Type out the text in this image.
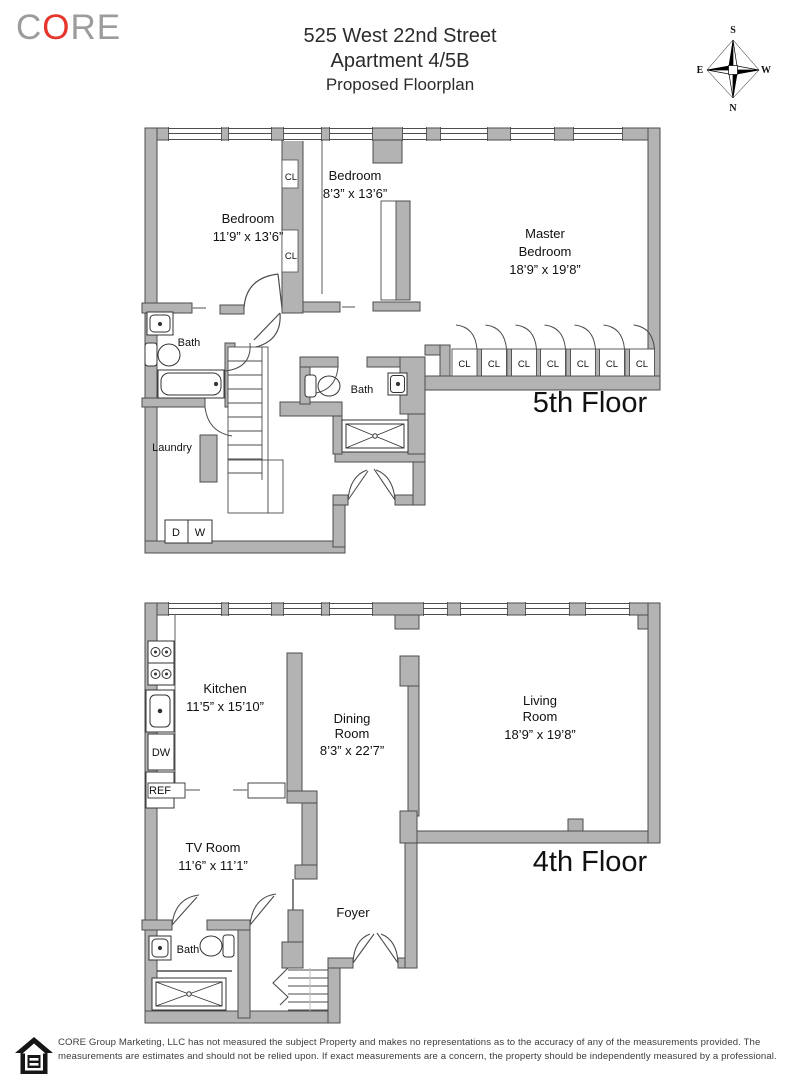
CORE	525 West 22nd Street
Apartment 4/5B
Proposed Floorplan
S
E	W
N
CL
CL
CL CL CL CL CL CL CL
D W
Bedroom
11’9” x 13’6”
Bedroom
8’3” x 13’6”
Master
Bedroom
18’9” x 19’8”
Bath
Bath
Laundry
5th Floor
DW
REF
Kitchen
11’5” x 15’10”
Dining
Room
8’3” x 22’7”
Living
Room
18’9” x 19’8”
TV Room
11’6” x 11’1”
Bath
Foyer
4th Floor
CORE Group Marketing, LLC has not measured the subject Property and makes no representations as to the accuracy of any of the measurements provided. The measurements are estimates and should not be relied upon. If exact measurements are a concern, the property should be independently measured by a professional.
